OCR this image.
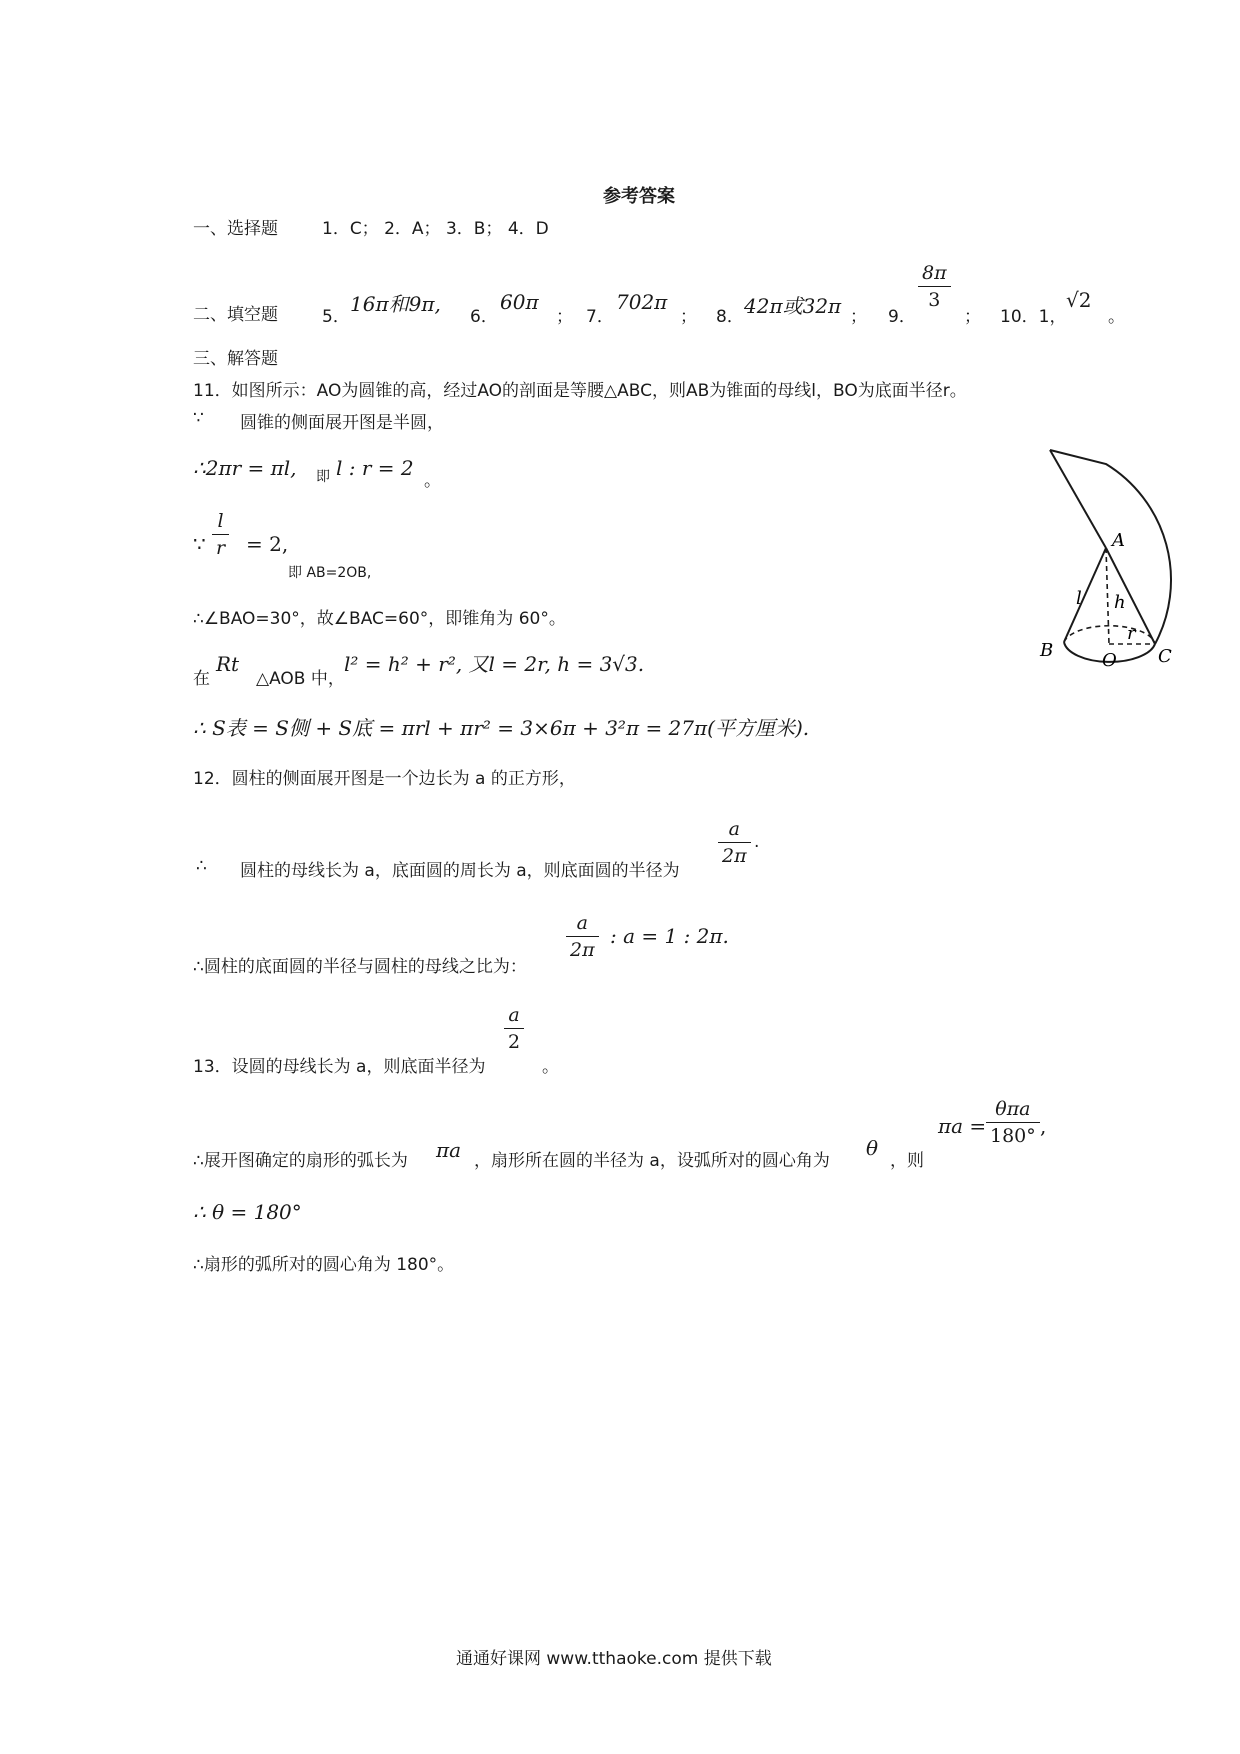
参考答案
一、选择题	1．C； 2．A； 3．B； 4．D
二、填空题	5．
16π和9π,
6．
60π
； 7．
702π
； 8． 42π或32π ； 9．
8π
3
； 10．1，
√2
。
三、解答题
11．如图所示：AO为圆锥的高，经过AO的剖面是等腰△ABC，则AB为锥面的母线l，BO为底面半径r。
∵ 圆锥的侧面展开图是半圆，
∴2πr = πl, 即 l : r = 2
。
∵
l
r = 2,
即 AB=2OB,
∴∠BAO=30°，故∠BAC=60°，即锥角为 60°。
在
Rt
△AOB 中，
l² = h² + r², 又l = 2r, h = 3√3.
∴ S表 = S侧 + S底 = πrl + πr² = 3×6π + 3²π = 27π(平方厘米).
12．圆柱的侧面展开图是一个边长为 a 的正方形，
∴ 圆柱的母线长为 a，底面圆的周长为 a，则底面圆的半径为
a
2π
.
∴圆柱的底面圆的半径与圆柱的母线之比为：
a
2π
: a = 1 : 2π.
13．设圆的母线长为 a，则底面半径为
a
2
。
∴展开图确定的扇形的弧长为 πa ，扇形所在圆的半径为 a，设弧所对的圆心角为
θ
，则
πa =
θπa
180° ,
∴ θ = 180°
∴扇形的弧所对的圆心角为 180°。
A
B	C
O
l h
r
通通好课网 www.tthaoke.com 提供下载
